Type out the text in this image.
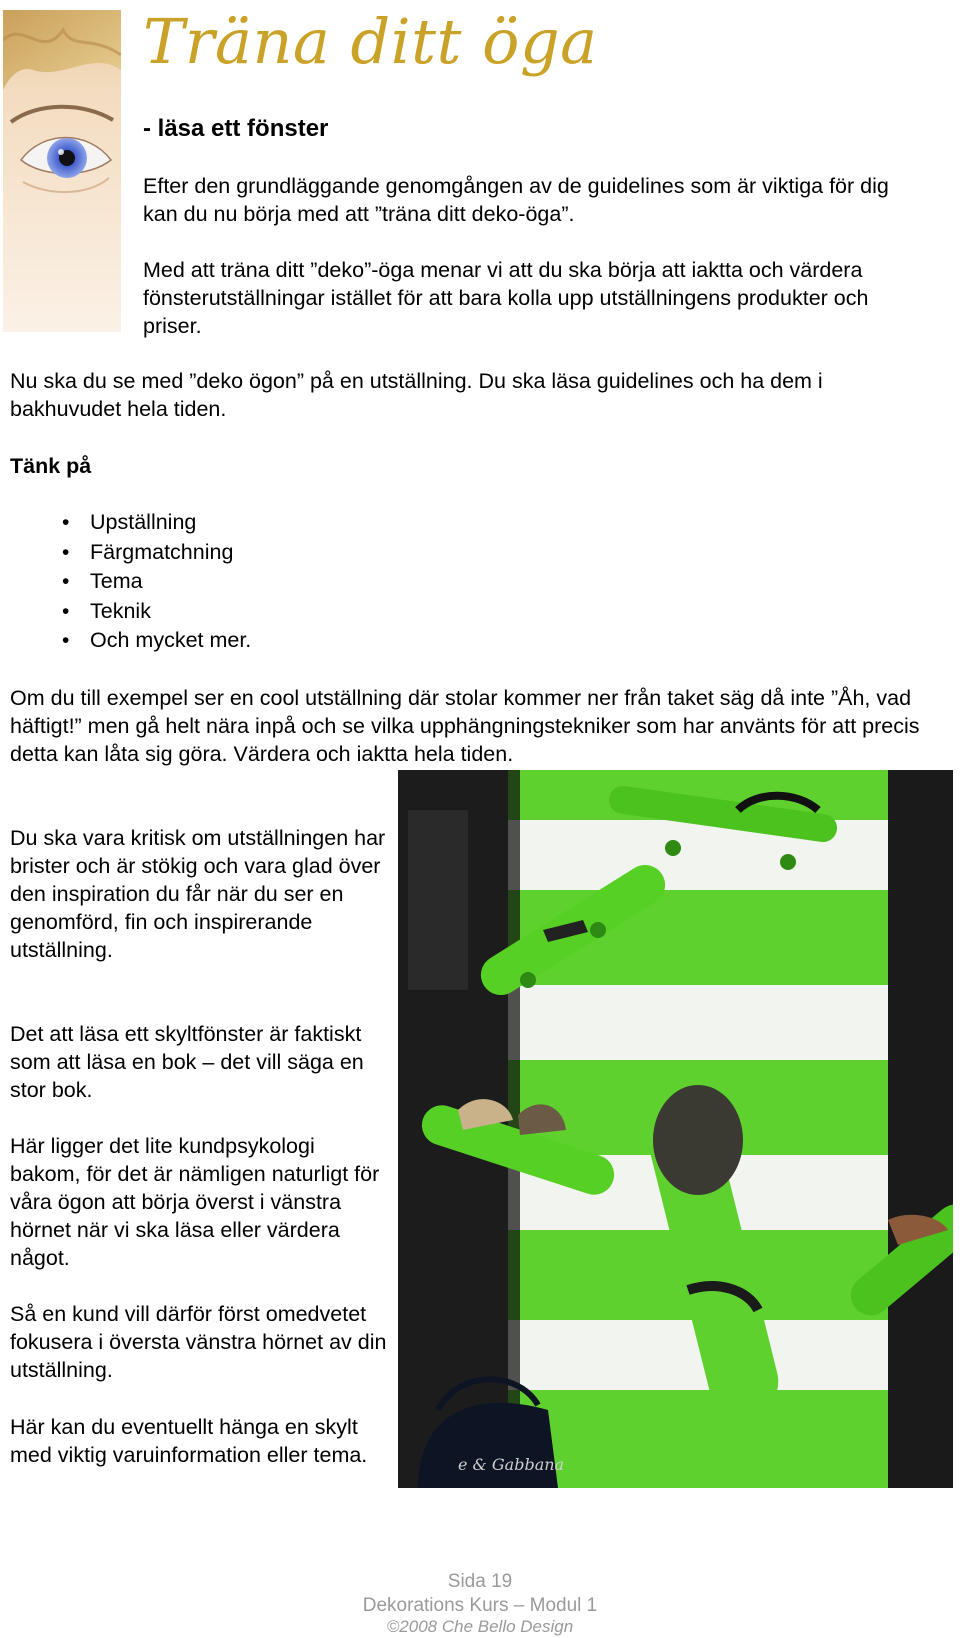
Träna ditt öga
- läsa ett fönster

Efter den grundläggande genomgången av de guidelines som är viktiga för dig kan du nu börja med att ”träna ditt deko-öga”.

Med att träna ditt ”deko”-öga menar vi att du ska börja att iaktta och värdera fönsterutställningar istället för att bara kolla upp utställningens produkter och priser.

Nu ska du se med ”deko ögon” på en utställning. Du ska läsa guidelines och ha dem i bakhuvudet hela tiden.

Tänk på

• Upställning
• Färgmatchning
• Tema
• Teknik
• Och mycket mer.

Om du till exempel ser en cool utställning där stolar kommer ner från taket säg då inte ”Åh, vad häftigt!” men gå helt nära inpå och se vilka upphängningstekniker som har använts för att precis detta kan låta sig göra. Värdera och iaktta hela tiden.

Du ska vara kritisk om utställningen har brister och är stökig och vara glad över den inspiration du får när du ser en genomförd, fin och inspirerande utställning.

Det att läsa ett skyltfönster är faktiskt som att läsa en bok – det vill säga en stor bok.

Här ligger det lite kundpsykologi bakom, för det är nämligen naturligt för våra ögon att börja överst i vänstra hörnet när vi ska läsa eller värdera något.

Så en kund vill därför först omedvetet fokusera i översta vänstra hörnet av din utställning.

Här kan du eventuellt hänga en skylt med viktig varuinformation eller tema.	e & Gabbana

Sida 19

Dekorations Kurs – Modul 1

©2008 Che Bello Design
